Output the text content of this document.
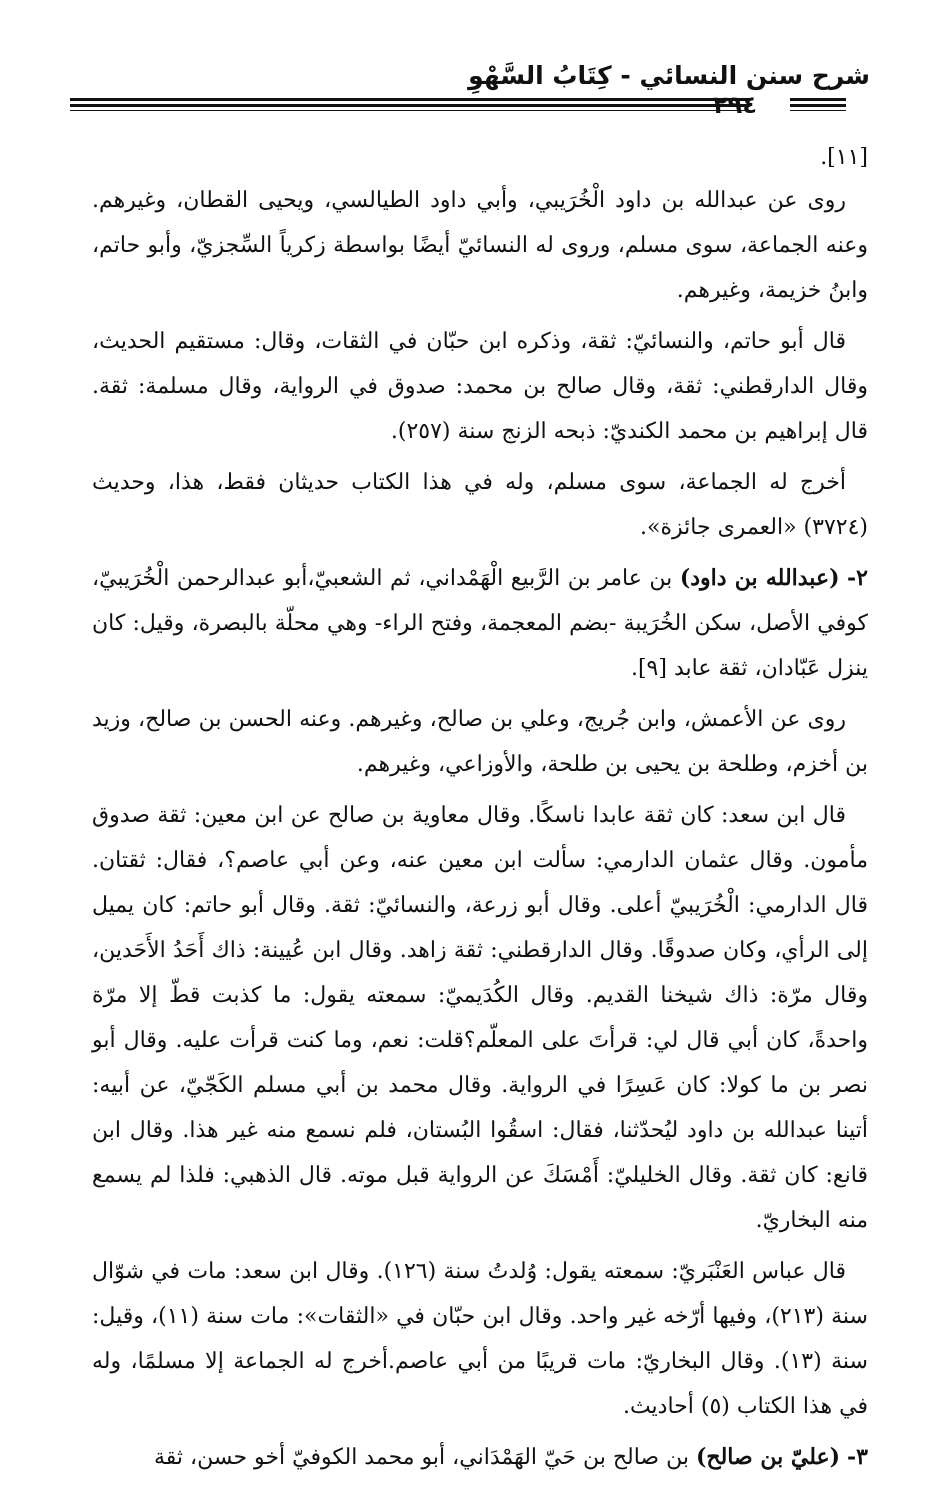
شرح سنن النسائي - كِتَابُ السَّهْوِ
٢٩٤
[١١].

روى عن عبدالله بن داود الْخُرَيبي، وأبي داود الطيالسي، ويحيى القطان، وغيرهم. وعنه الجماعة، سوى مسلم، وروى له النسائيّ أيضًا بواسطة زكرياً السِّجزيّ، وأبو حاتم، وابنُ خزيمة، وغيرهم.

قال أبو حاتم، والنسائيّ: ثقة، وذكره ابن حبّان في الثقات، وقال: مستقيم الحديث، وقال الدارقطني: ثقة، وقال صالح بن محمد: صدوق في الرواية، وقال مسلمة: ثقة. قال إبراهيم بن محمد الكنديّ: ذبحه الزنج سنة (٢٥٧).

أخرج له الجماعة، سوى مسلم، وله في هذا الكتاب حديثان فقط، هذا، وحديث (٣٧٢٤) «العمرى جائزة».

٢- (عبدالله بن داود) بن عامر بن الرَّبيع الْهَمْداني، ثم الشعبيّ،أبو عبدالرحمن الْخُرَيبيّ، كوفي الأصل، سكن الخُرَيبة -بضم المعجمة، وفتح الراء- وهي محلّة بالبصرة، وقيل: كان ينزل عَبّادان، ثقة عابد [٩].

روى عن الأعمش، وابن جُريج، وعلي بن صالح، وغيرهم. وعنه الحسن بن صالح، وزيد بن أخزم، وطلحة بن يحيى بن طلحة، والأوزاعي، وغيرهم.

قال ابن سعد: كان ثقة عابدا ناسكًا. وقال معاوية بن صالح عن ابن معين: ثقة صدوق مأمون. وقال عثمان الدارمي: سألت ابن معين عنه، وعن أبي عاصم؟، فقال: ثقتان. قال الدارمي: الْخُرَيبيّ أعلى. وقال أبو زرعة، والنسائيّ: ثقة. وقال أبو حاتم: كان يميل إلى الرأي، وكان صدوقًا. وقال الدارقطني: ثقة زاهد. وقال ابن عُيينة: ذاك أَحَدُ الأَحَدين، وقال مرّة: ذاك شيخنا القديم. وقال الكُدَيميّ: سمعته يقول: ما كذبت قطّ إلا مرّة واحدةً، كان أبي قال لي: قرأتَ على المعلّم؟قلت: نعم، وما كنت قرأت عليه. وقال أبو نصر بن ما كولا: كان عَسِرًا في الرواية. وقال محمد بن أبي مسلم الكَجّيّ، عن أبيه: أتينا عبدالله بن داود ليُحدّثنا، فقال: اسقُوا البُستان، فلم نسمع منه غير هذا. وقال ابن قانع: كان ثقة. وقال الخليليّ: أَمْسَكَ عن الرواية قبل موته. قال الذهبي: فلذا لم يسمع منه البخاريّ.

قال عباس العَنْبَريّ: سمعته يقول: وُلدتُ سنة (١٢٦). وقال ابن سعد: مات في شوّال سنة (٢١٣)، وفيها أرّخه غير واحد. وقال ابن حبّان في «الثقات»: مات سنة (١١)، وقيل: سنة (١٣). وقال البخاريّ: مات قريبًا من أبي عاصم.أخرج له الجماعة إلا مسلمًا، وله في هذا الكتاب (٥) أحاديث.

٣- (عليّ بن صالح) بن صالح بن حَيّ الهَمْدَاني، أبو محمد الكوفيّ أخو حسن، ثقة
